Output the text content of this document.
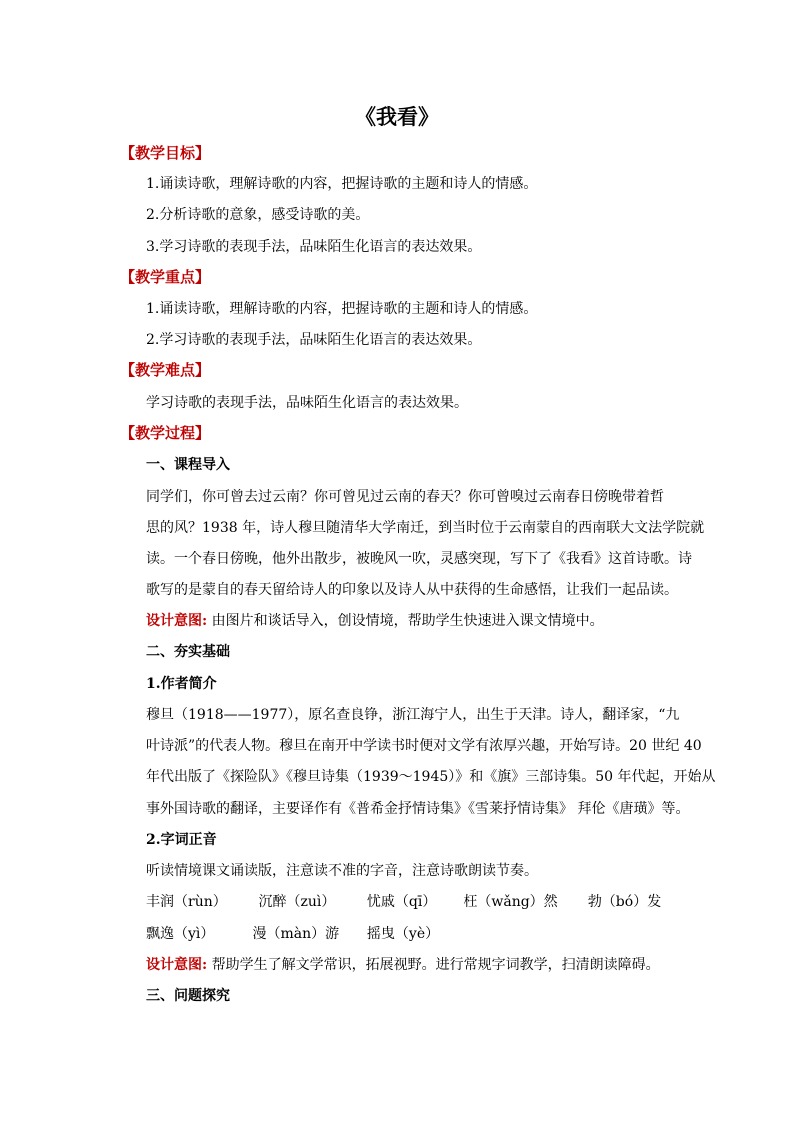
《我看》
【教学目标】
1.诵读诗歌，理解诗歌的内容，把握诗歌的主题和诗人的情感。
2.分析诗歌的意象，感受诗歌的美。
3.学习诗歌的表现手法，品味陌生化语言的表达效果。
【教学重点】
1.诵读诗歌，理解诗歌的内容，把握诗歌的主题和诗人的情感。
2.学习诗歌的表现手法，品味陌生化语言的表达效果。
【教学难点】
学习诗歌的表现手法，品味陌生化语言的表达效果。
【教学过程】
一、课程导入
同学们，你可曾去过云南？你可曾见过云南的春天？你可曾嗅过云南春日傍晚带着哲
思的风？1938 年，诗人穆旦随清华大学南迁，到当时位于云南蒙自的西南联大文法学院就
读。一个春日傍晚，他外出散步，被晚风一吹，灵感突现，写下了《我看》这首诗歌。诗
歌写的是蒙自的春天留给诗人的印象以及诗人从中获得的生命感悟，让我们一起品读。
设计意图: 由图片和谈话导入，创设情境，帮助学生快速进入课文情境中。
二、夯实基础
1.作者简介
穆旦（1918——1977），原名查良铮，浙江海宁人，出生于天津。诗人，翻译家，“九
叶诗派”的代表人物。穆旦在南开中学读书时便对文学有浓厚兴趣，开始写诗。20 世纪 40
年代出版了《探险队》《穆旦诗集（1939～1945）》和《旗》三部诗集。50 年代起，开始从
事外国诗歌的翻译，主要译作有《普希金抒情诗集》《雪莱抒情诗集》 拜伦《唐璜》等。
2.字词正音
听读情境课文诵读版，注意读不准的字音，注意诗歌朗读节奏。
丰润（rùn） 沉醉（zuì） 忧戚（qī） 枉（wǎng）然 勃（bó）发
飘逸（yì）	漫（màn）游 摇曳（yè）
设计意图: 帮助学生了解文学常识，拓展视野。进行常规字词教学，扫清朗读障碍。
三、问题探究
